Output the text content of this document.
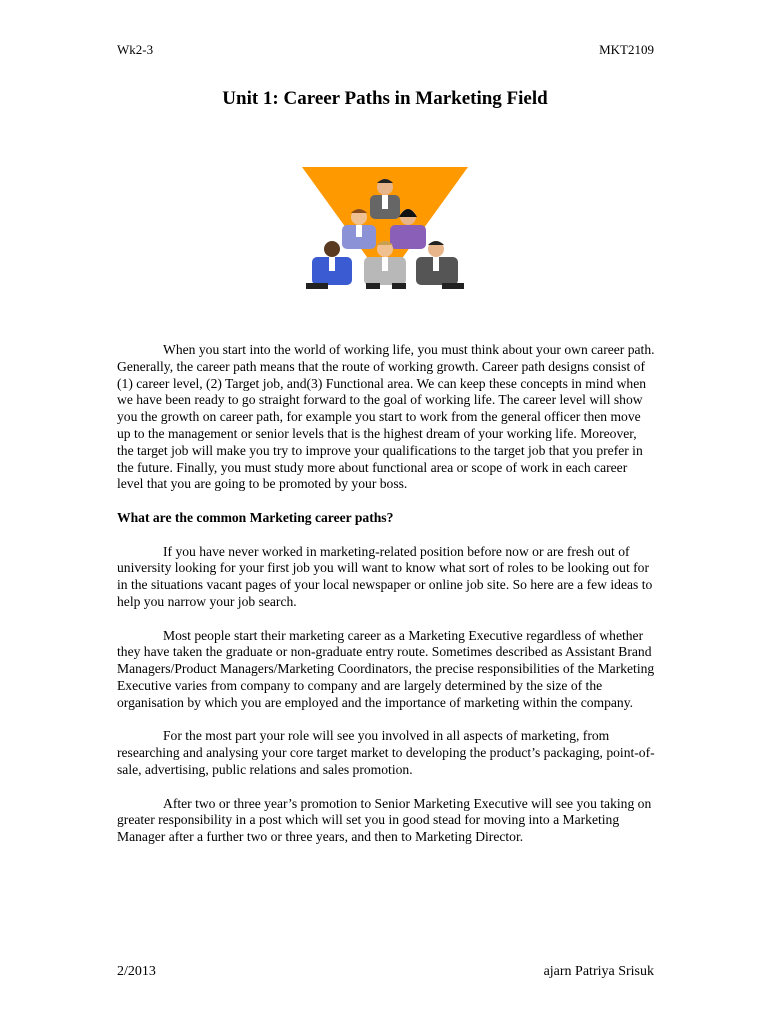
Wk2-3	MKT2109
Unit 1: Career Paths in Marketing Field

When you start into the world of working life, you must think about your own career path. Generally, the career path means that the route of working growth. Career path designs consist of (1) career level, (2) Target job, and(3) Functional area. We can keep these concepts in mind when we have been ready to go straight forward to the goal of working life. The career level will show you the growth on career path, for example you start to work from the general officer then move up to the management or senior levels that is the highest dream of your working life. Moreover, the target job will make you try to improve your qualifications to the target job that you prefer in the future. Finally, you must study more about functional area or scope of work in each career level that you are going to be promoted by your boss.

What are the common Marketing career paths?

If you have never worked in marketing-related position before now or are fresh out of university looking for your first job you will want to know what sort of roles to be looking out for in the situations vacant pages of your local newspaper or online job site. So here are a few ideas to help you narrow your job search.

Most people start their marketing career as a Marketing Executive regardless of whether they have taken the graduate or non-graduate entry route. Sometimes described as Assistant Brand Managers/Product Managers/Marketing Coordinators, the precise responsibilities of the Marketing Executive varies from company to company and are largely determined by the size of the organisation by which you are employed and the importance of marketing within the company.

For the most part your role will see you involved in all aspects of marketing, from researching and analysing your core target market to developing the product’s packaging, point-of-sale, advertising, public relations and sales promotion.

After two or three year’s promotion to Senior Marketing Executive will see you taking on greater responsibility in a post which will set you in good stead for moving into a Marketing Manager after a further two or three years, and then to Marketing Director.

2/2013	ajarn Patriya Srisuk
